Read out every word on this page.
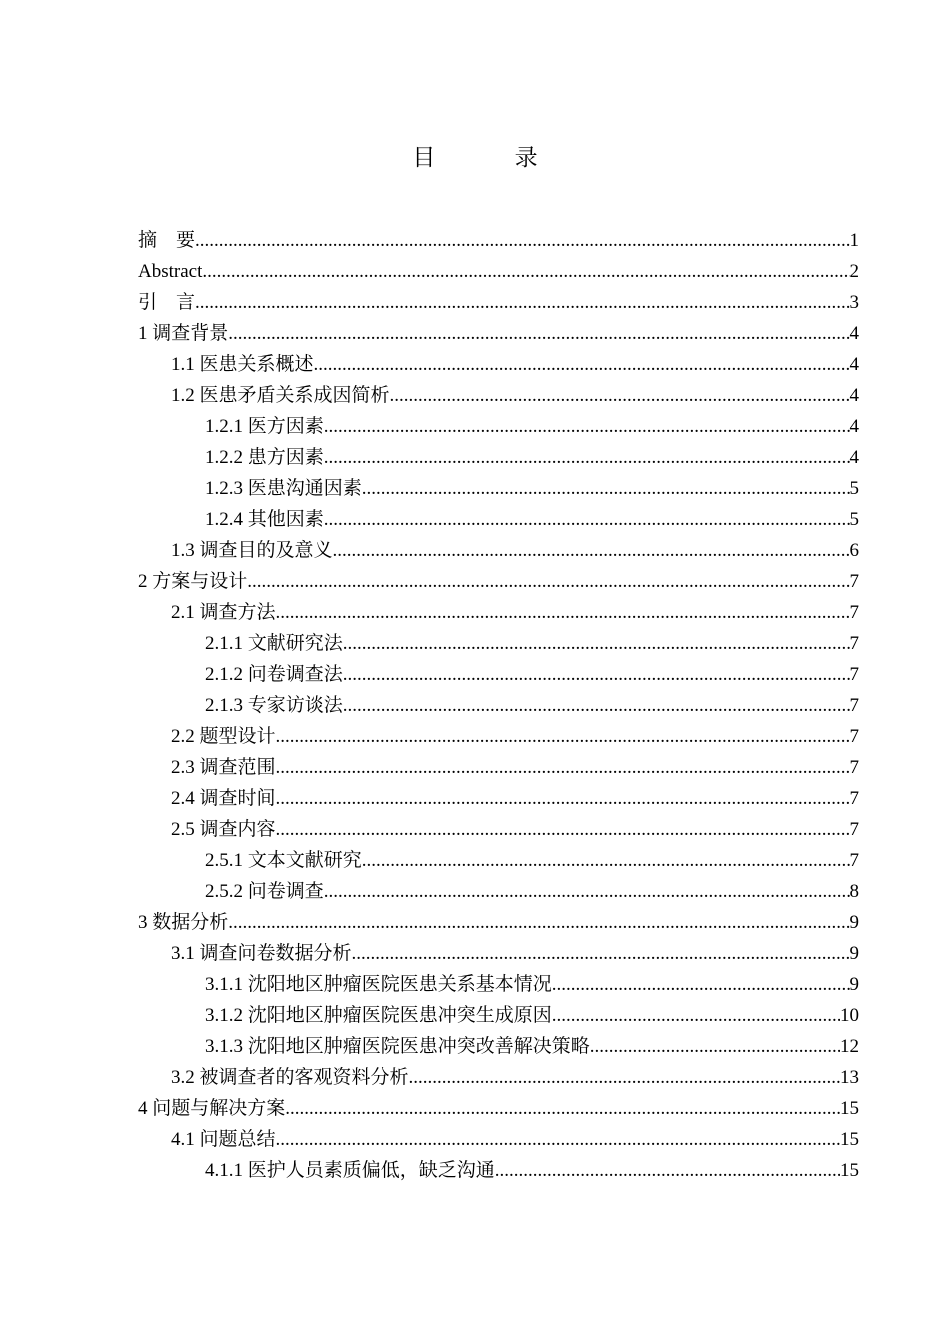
目 录
摘　要 .....	1
Abstract .....	2
引　言 .....	3
1 调查背景 .....	4
1.1 医患关系概述 .....	4
1.2 医患矛盾关系成因简析 .....	4
1.2.1 医方因素 .....	4
1.2.2 患方因素 .....	4
1.2.3 医患沟通因素 .....	5
1.2.4 其他因素 .....	5
1.3 调查目的及意义 .....	6
2 方案与设计 .....	7
2.1 调查方法 .....	7
2.1.1 文献研究法 .....	7
2.1.2 问卷调查法 .....	7
2.1.3 专家访谈法 .....	7
2.2 题型设计 .....	7
2.3 调查范围 .....	7
2.4 调查时间 .....	7
2.5 调查内容 .....	7
2.5.1 文本文献研究 .....	7
2.5.2 问卷调查 .....	8
3 数据分析 .....	9
3.1 调查问卷数据分析 .....	9
3.1.1 沈阳地区肿瘤医院医患关系基本情况 .....	9
3.1.2 沈阳地区肿瘤医院医患冲突生成原因 .....	10
3.1.3 沈阳地区肿瘤医院医患冲突改善解决策略 .....	12
3.2 被调查者的客观资料分析 .....	13
4 问题与解决方案 .....	15
4.1 问题总结 .....	15
4.1.1 医护人员素质偏低，缺乏沟通 .....	15
